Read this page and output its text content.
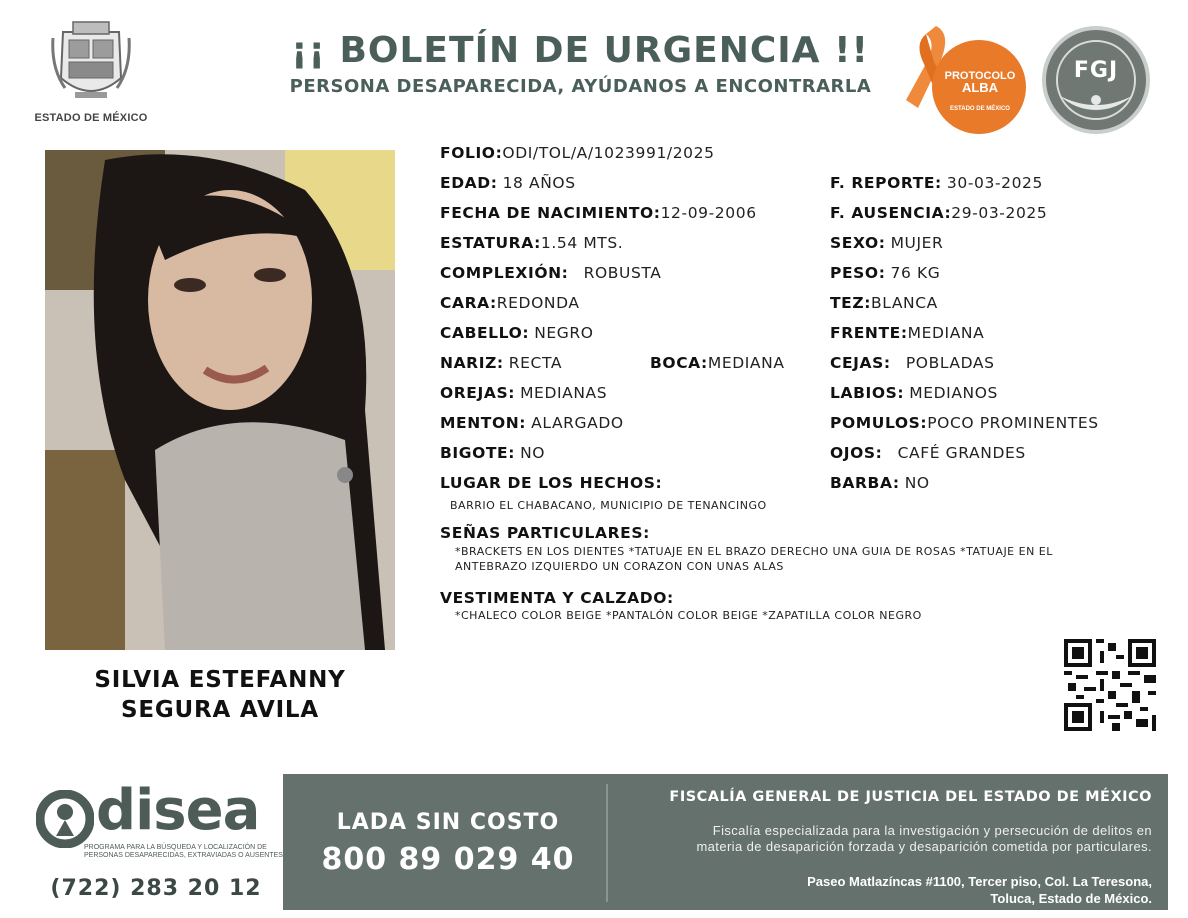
ESTADO DE MÉXICO
¡¡ BOLETÍN DE URGENCIA !!
PERSONA DESAPARECIDA, AYÚDANOS A ENCONTRARLA	PROTOCOLO
ALBA
ESTADO DE MÉXICO
FGJ
SILVIA ESTEFANNY
SEGURA AVILA
FOLIO:ODI/TOL/A/1023991/2025
EDAD: 18 AÑOS
FECHA DE NACIMIENTO:12-09-2006
ESTATURA:1.54 MTS.
COMPLEXIÓN: ROBUSTA
CARA:REDONDA
CABELLO: NEGRO
NARIZ: RECTA	BOCA:MEDIANA
OREJAS: MEDIANAS
MENTON: ALARGADO
BIGOTE: NO
LUGAR DE LOS HECHOS:
BARRIO EL CHABACANO, MUNICIPIO DE TENANCINGO
F. REPORTE: 30-03-2025
F. AUSENCIA:29-03-2025
SEXO: MUJER
PESO: 76 KG
TEZ:BLANCA
FRENTE:MEDIANA
CEJAS: POBLADAS
LABIOS: MEDIANOS
POMULOS:POCO PROMINENTES
OJOS: CAFÉ GRANDES
BARBA: NO
SEÑAS PARTICULARES:
*BRACKETS EN LOS DIENTES *TATUAJE EN EL BRAZO DERECHO UNA GUIA DE ROSAS *TATUAJE EN EL
ANTEBRAZO IZQUIERDO UN CORAZON CON UNAS ALAS
VESTIMENTA Y CALZADO:
*CHALECO COLOR BEIGE *PANTALÓN COLOR BEIGE *ZAPATILLA COLOR NEGRO
disea
PROGRAMA PARA LA BÚSQUEDA Y LOCALIZACIÓN DE PERSONAS DESAPARECIDAS, EXTRAVIADAS O AUSENTES
(722) 283 20 12
LADA SIN COSTO
800 89 029 40
FISCALÍA GENERAL DE JUSTICIA DEL ESTADO DE MÉXICO
Fiscalía especializada para la investigación y persecución de delitos en
materia de desaparición forzada y desaparición cometida por particulares.
Paseo Matlazíncas #1100, Tercer piso, Col. La Teresona,
Toluca, Estado de México.
